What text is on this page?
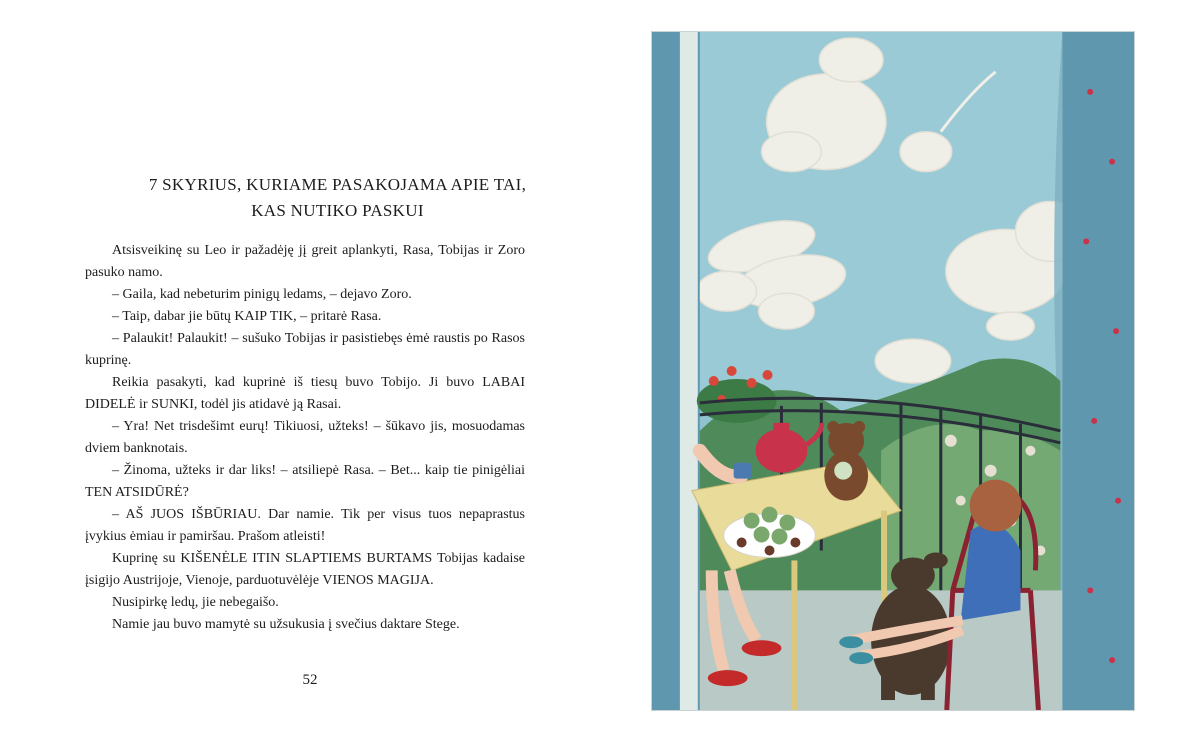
7 SKYRIUS, KURIAME PASAKOJAMA APIE TAI,
KAS NUTIKO PASKUI

Atsisveikinę su Leo ir pažadėję jį greit aplankyti, Rasa, Tobijas ir Zoro pasuko namo.

– Gaila, kad nebeturim pinigų ledams, – dejavo Zoro.

– Taip, dabar jie būtų KAIP TIK, – pritarė Rasa.

– Palaukit! Palaukit! – sušuko Tobijas ir pasistiebęs ėmė raustis po Rasos kuprinę.

Reikia pasakyti, kad kuprinė iš tiesų buvo Tobijo. Ji buvo LABAI DIDELĖ ir SUNKI, todėl jis atidavė ją Rasai.

– Yra! Net trisdešimt eurų! Tikiuosi, užteks! – šūkavo jis, mosuodamas dviem banknotais.

– Žinoma, užteks ir dar liks! – atsiliepė Rasa. – Bet... kaip tie pinigėliai TEN ATSIDŪRĖ?

– AŠ JUOS IŠBŪRIAU. Dar namie. Tik per visus tuos nepaprastus įvykius ėmiau ir pamiršau. Prašom atleisti!

Kuprinę su KIŠENĖLE ITIN SLAPTIEMS BURTAMS Tobijas kadaise įsigijo Austrijoje, Vienoje, parduotuvėlėje VIENOS MAGIJA.

Nusipirkę ledų, jie nebegaišo.

Namie jau buvo mamytė su užsukusia į svečius daktare Stege.

52
